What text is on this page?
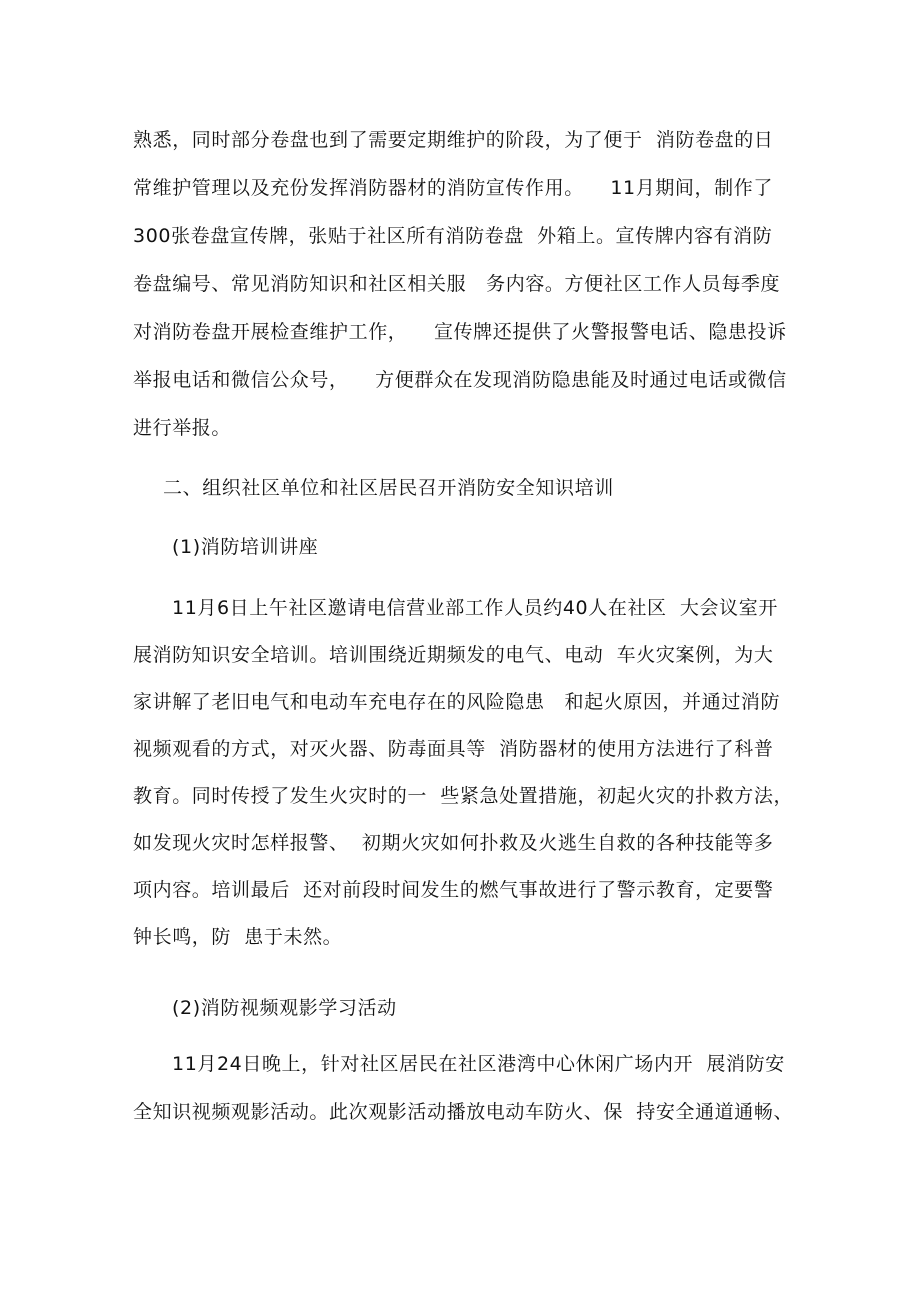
熟悉，同时部分卷盘也到了需要定期维护的阶段，为了便于  消防卷盘的日
常维护管理以及充份发挥消防器材的消防宣传作用。    11月期间，制作了
300张卷盘宣传牌，张贴于社区所有消防卷盘  外箱上。宣传牌内容有消防
卷盘编号、常见消防知识和社区相关服   务内容。方便社区工作人员每季度
对消防卷盘开展检查维护工作，    宣传牌还提供了火警报警电话、隐患投诉
举报电话和微信公众号，    方便群众在发现消防隐患能及时通过电话或微信
进行举报。
二、组织社区单位和社区居民召开消防安全知识培训
(1)消防培训讲座
11月6日上午社区邀请电信营业部工作人员约40人在社区  大会议室开
展消防知识安全培训。培训围绕近期频发的电气、电动  车火灾案例，为大
家讲解了老旧电气和电动车充电存在的风险隐患   和起火原因，并通过消防
视频观看的方式，对灭火器、防毒面具等  消防器材的使用方法进行了科普
教育。同时传授了发生火灾时的一  些紧急处置措施，初起火灾的扑救方法，
如发现火灾时怎样报警、  初期火灾如何扑救及火逃生自救的各种技能等多
项内容。培训最后  还对前段时间发生的燃气事故进行了警示教育，定要警
钟长鸣，防  患于未然。
(2)消防视频观影学习活动
11月24日晚上，针对社区居民在社区港湾中心休闲广场内开  展消防安
全知识视频观影活动。此次观影活动播放电动车防火、保  持安全通道通畅、
